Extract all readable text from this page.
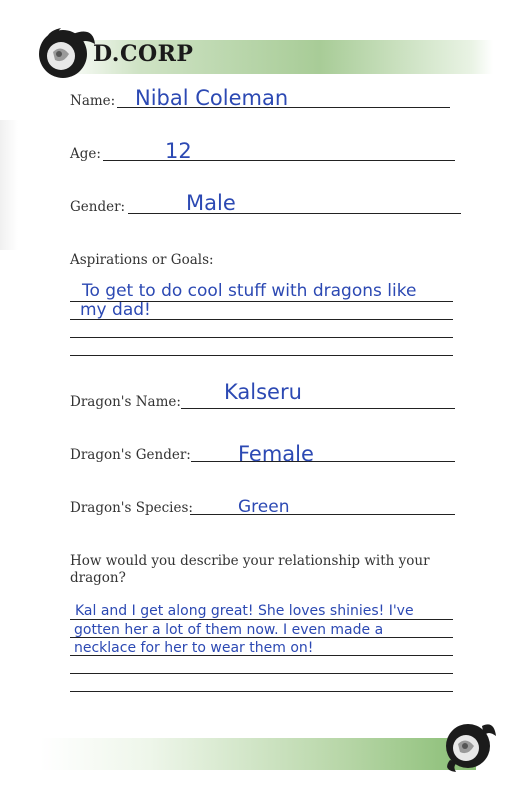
D.CORP
Name: Nibal Coleman
Age:	12
Gender:	Male
Aspirations or Goals:
To get to do cool stuff with dragons like
my dad!
Dragon's Name: Kalseru
Dragon's Gender: Female
Dragon's Species:	Green
How would you describe your relationship with your
dragon?
Kal and I get along great! She loves shinies! I've
gotten her a lot of them now. I even made a
necklace for her to wear them on!
